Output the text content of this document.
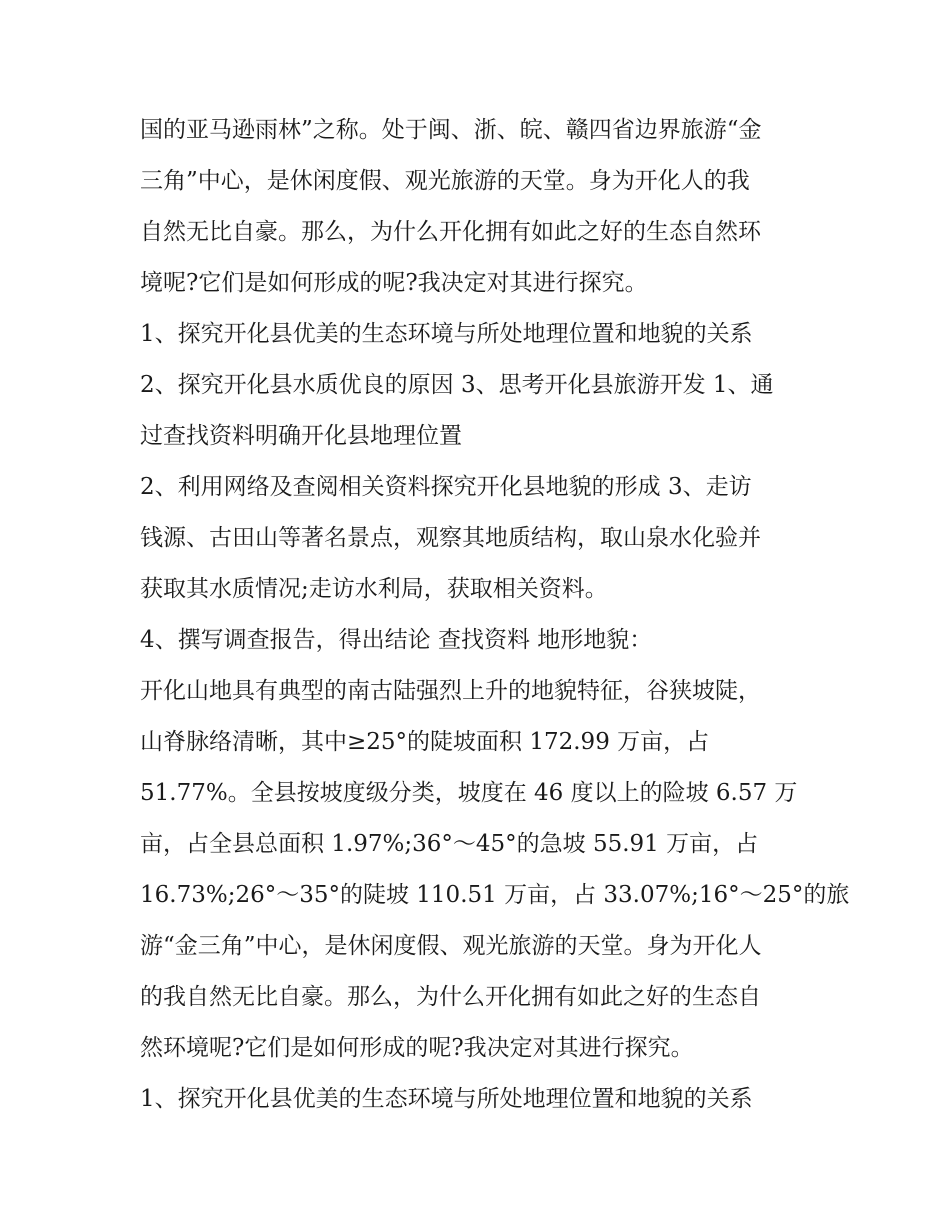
国的亚马逊雨林”之称。处于闽、浙、皖、赣四省边界旅游“金
三角”中心，是休闲度假、观光旅游的天堂。身为开化人的我
自然无比自豪。那么，为什么开化拥有如此之好的生态自然环
境呢?它们是如何形成的呢?我决定对其进行探究。
1、探究开化县优美的生态环境与所处地理位置和地貌的关系
2、探究开化县水质优良的原因 3、思考开化县旅游开发 1、通
过查找资料明确开化县地理位置
2、利用网络及查阅相关资料探究开化县地貌的形成 3、走访
钱源、古田山等著名景点，观察其地质结构，取山泉水化验并
获取其水质情况;走访水利局，获取相关资料。
4、撰写调查报告，得出结论 查找资料 地形地貌：
开化山地具有典型的南古陆强烈上升的地貌特征，谷狭坡陡，
山脊脉络清晰，其中≥25°的陡坡面积 172.99 万亩，占
51.77%。全县按坡度级分类，坡度在 46 度以上的险坡 6.57 万
亩，占全县总面积 1.97%;36°～45°的急坡 55.91 万亩，占
16.73%;26°～35°的陡坡 110.51 万亩，占 33.07%;16°～25°的旅
游“金三角”中心，是休闲度假、观光旅游的天堂。身为开化人
的我自然无比自豪。那么，为什么开化拥有如此之好的生态自
然环境呢?它们是如何形成的呢?我决定对其进行探究。
1、探究开化县优美的生态环境与所处地理位置和地貌的关系
